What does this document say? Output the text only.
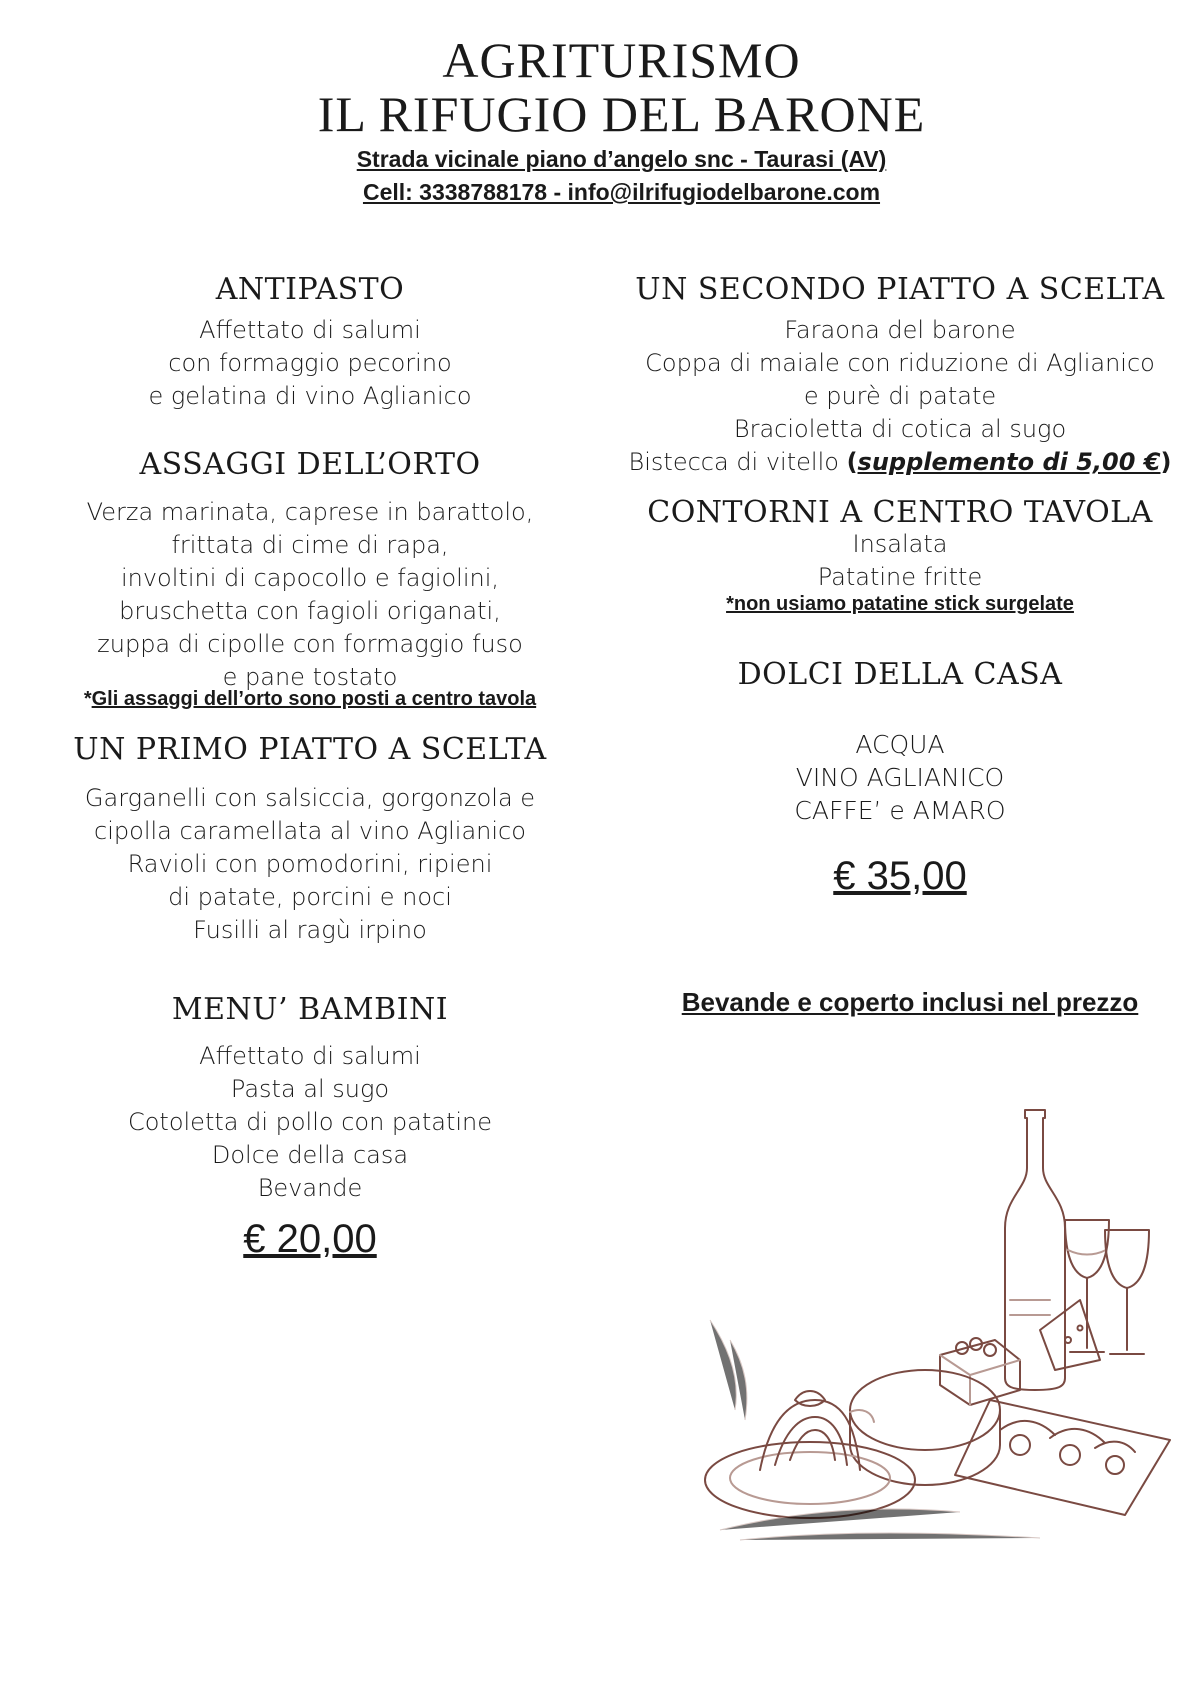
AGRITURISMO
IL RIFUGIO DEL BARONE
Strada vicinale piano d’angelo snc - Taurasi (AV)
Cell: 3338788178 - info@ilrifugiodelbarone.com
ANTIPASTO
Affettato di salumi
con formaggio pecorino
e gelatina di vino Aglianico
ASSAGGI DELL’ORTO
Verza marinata, caprese in barattolo,
frittata di cime di rapa,
involtini di capocollo e fagiolini,
bruschetta con fagioli origanati,
zuppa di cipolle con formaggio fuso
e pane tostato
*Gli assaggi dell’orto sono posti a centro tavola
UN PRIMO PIATTO A SCELTA
Garganelli con salsiccia, gorgonzola e
cipolla caramellata al vino Aglianico
Ravioli con pomodorini, ripieni
di patate, porcini e noci
Fusilli al ragù irpino
MENU’ BAMBINI
Affettato di salumi
Pasta al sugo
Cotoletta di pollo con patatine
Dolce della casa
Bevande
€ 20,00
UN SECONDO PIATTO A SCELTA
Faraona del barone
Coppa di maiale con riduzione di Aglianico
e purè di patate
Bracioletta di cotica al sugo
Bistecca di vitello (supplemento di 5,00 €)
CONTORNI A CENTRO TAVOLA
Insalata
Patatine fritte
*non usiamo patatine stick surgelate
DOLCI DELLA CASA
ACQUA
VINO AGLIANICO
CAFFE’ e AMARO
€ 35,00
Bevande e coperto inclusi nel prezzo
